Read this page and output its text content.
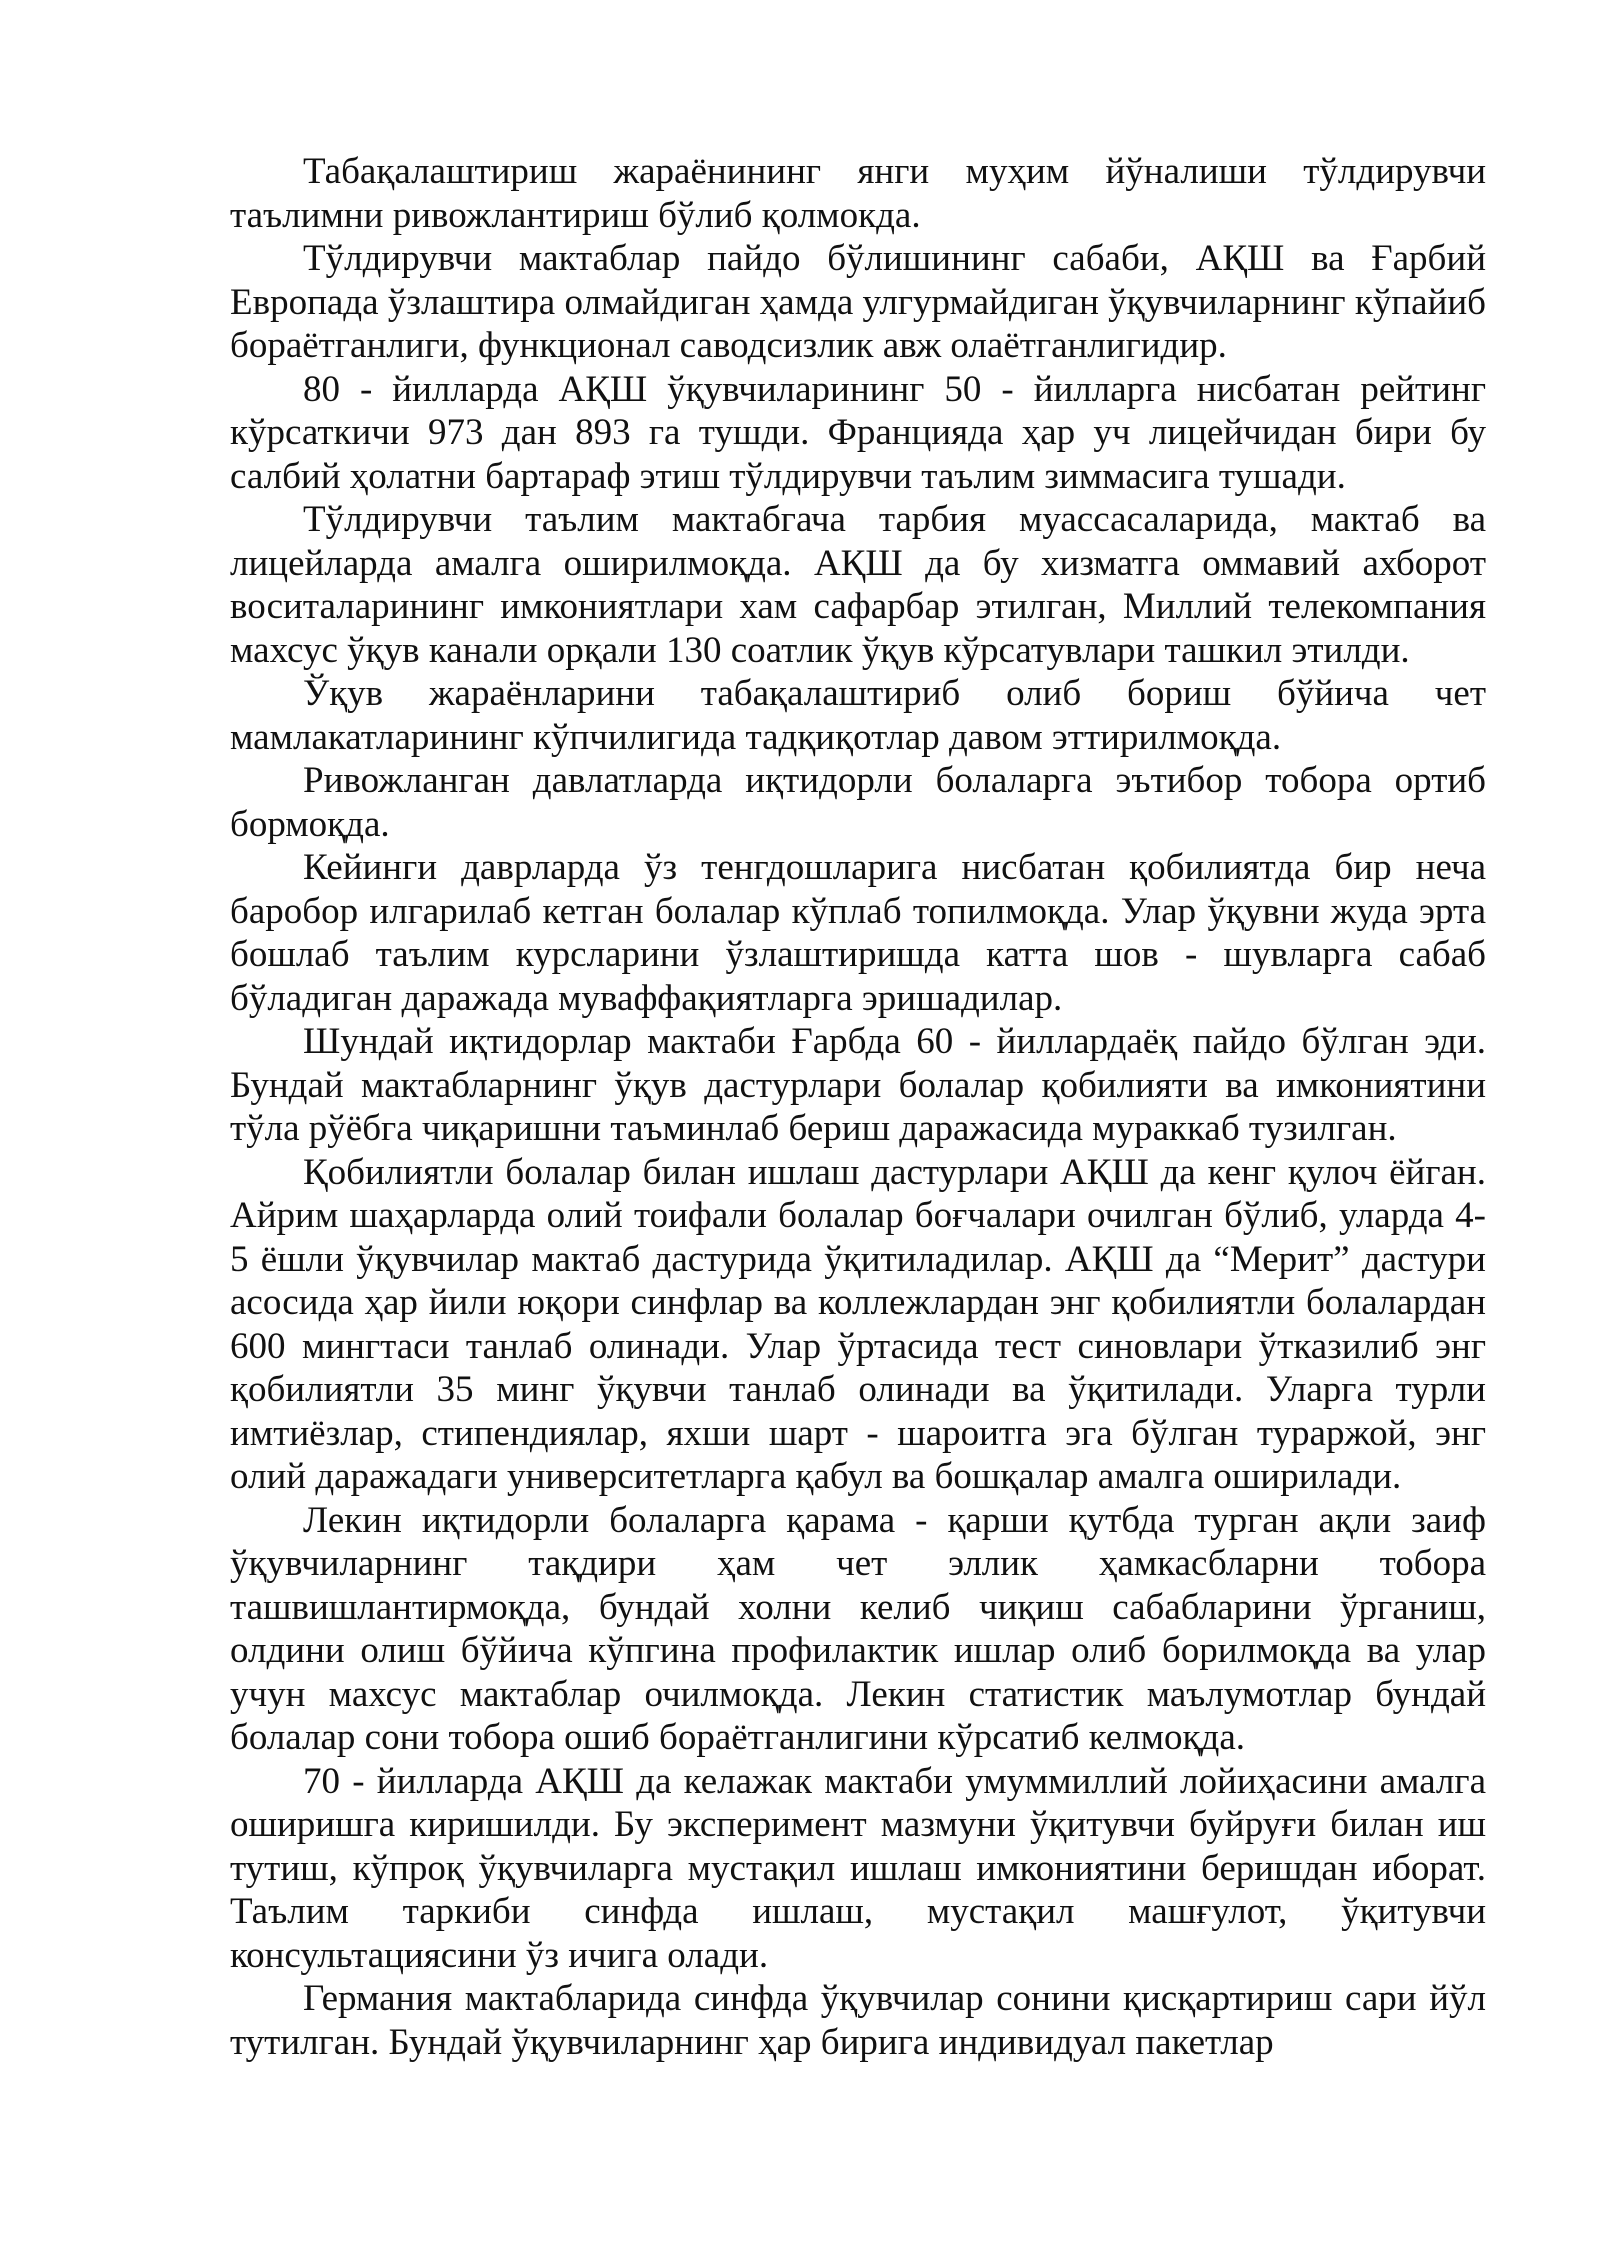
Табақалаштириш жараёнининг янги муҳим йўналиши тўлдирувчи таълимни ривожлантириш бўлиб қолмокда.

Тўлдирувчи мактаблар пайдо бўлишининг сабаби, АҚШ ва Ғарбий Европада ўзлаштира олмайдиган ҳамда улгурмайдиган ўқувчиларнинг кўпайиб бораётганлиги, функционал саводсизлик авж олаётганлигидир.

80 - йилларда АҚШ ўқувчиларининг 50 - йилларга нисбатан рейтинг кўрсаткичи 973 дан 893 га тушди. Францияда ҳар уч лицейчидан бири бу салбий ҳолатни бартараф этиш тўлдирувчи таълим зиммасига тушади.

Тўлдирувчи таълим мактабгача тарбия муассасаларида, мактаб ва лицейларда амалга оширилмоқда. АҚШ да бу хизматга оммавий ахборот воситаларининг имкониятлари хам сафарбар этилган, Миллий телекомпания махсус ўқув канали орқали 130 соатлик ўқув кўрсатувлари ташкил этилди.

Ўқув жараёнларини табақалаштириб олиб бориш бўйича чет мамлакатларининг кўпчилигида тадқиқотлар давом эттирилмоқда.

Ривожланган давлатларда иқтидорли болаларга эътибор тобора ортиб бормоқда.

Кейинги даврларда ўз тенгдошларига нисбатан қобилиятда бир неча баробор илгарилаб кетган болалар кўплаб топилмоқда. Улар ўқувни жуда эрта бошлаб таълим курсларини ўзлаштиришда катта шов - шувларга сабаб бўладиган даражада муваффақиятларга эришадилар.

Шундай иқтидорлар мактаби Ғарбда 60 - йиллардаёқ пайдо бўлган эди. Бундай мактабларнинг ўқув дастурлари болалар қобилияти ва имкониятини тўла рўёбга чиқаришни таъминлаб бериш даражасида мураккаб тузилган.

Қобилиятли болалар билан ишлаш дастурлари АҚШ да кенг қулоч ёйган. Айрим шаҳарларда олий тоифали болалар боғчалари очилган бўлиб, уларда 4-5 ёшли ўқувчилар мактаб дастурида ўқитиладилар. АҚШ да “Мерит” дастури асосида ҳар йили юқори синфлар ва коллежлардан энг қобилиятли болалардан 600 мингтаси танлаб олинади. Улар ўртасида тест синовлари ўтказилиб энг қобилиятли 35 минг ўқувчи танлаб олинади ва ўқитилади. Уларга турли имтиёзлар, стипендиялар, яхши шарт - шароитга эга бўлган тураржой, энг олий даражадаги университетларга қабул ва бошқалар амалга оширилади.

Лекин иқтидорли болаларга қарама - қарши қутбда турган ақли заиф ўқувчиларнинг тақдири ҳам чет эллик ҳамкасбларни тобора ташвишлантирмоқда, бундай холни келиб чиқиш сабабларини ўрганиш, олдини олиш бўйича кўпгина профилактик ишлар олиб борилмоқда ва улар учун махсус мактаблар очилмоқда. Лекин статистик маълумотлар бундай болалар сони тобора ошиб бораётганлигини кўрсатиб келмоқда.

70 - йилларда АҚШ да келажак мактаби умуммиллий лойиҳасини амалга оширишга киришилди. Бу эксперимент мазмуни ўқитувчи буйруғи билан иш тутиш, кўпроқ ўқувчиларга мустақил ишлаш имкониятини беришдан иборат. Таълим таркиби синфда ишлаш, мустақил машғулот, ўқитувчи консультациясини ўз ичига олади.

Германия мактабларида синфда ўқувчилар сонини қисқартириш сари йўл тутилган. Бундай ўқувчиларнинг ҳар бирига индивидуал пакетлар
